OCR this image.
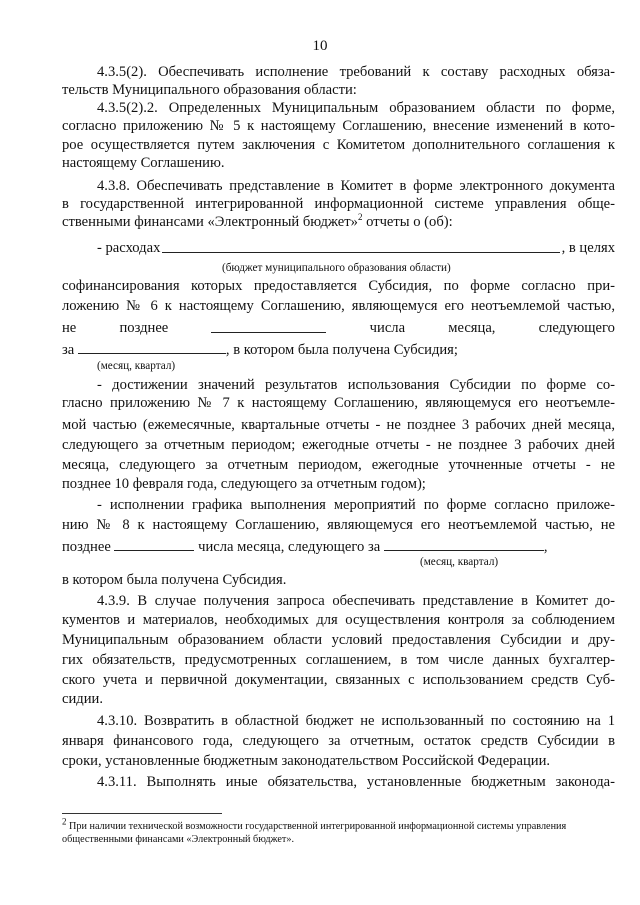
10
4.3.5(2). Обеспечивать исполнение требований к составу расходных обяза-
тельств Муниципального образования области:
4.3.5(2).2. Определенных Муниципальным образованием области по форме,
согласно приложению № 5 к настоящему Соглашению, внесение изменений в кото-
рое осуществляется путем заключения с Комитетом дополнительного соглашения к
настоящему Соглашению.
4.3.8. Обеспечивать представление в Комитет в форме электронного документа
в государственной интегрированной информационной системе управления обще-
ственными финансами «Электронный бюджет»$^2$ отчеты о (об):
- расходах	, в целях
(бюджет муниципального образования области)
софинансирования которых предоставляется Субсидия, по форме согласно при-
ложению № 6 к настоящему Соглашению, являющемуся его неотъемлемой частью,
не	позднее	числа	месяца,	следующего
за	, в котором была получена Субсидия;
(месяц, квартал)
- достижении значений результатов использования Субсидии по форме со-
гласно приложению № 7 к настоящему Соглашению, являющемуся его неотъемле-
мой частью (ежемесячные, квартальные отчеты - не позднее 3 рабочих дней месяца,
следующего за отчетным периодом; ежегодные отчеты - не позднее 3 рабочих дней
месяца, следующего за отчетным периодом, ежегодные уточненные отчеты - не
позднее 10 февраля года, следующего за отчетным годом);
- исполнении графика выполнения мероприятий по форме согласно приложе-
нию № 8 к настоящему Соглашению, являющемуся его неотъемлемой частью, не
позднее	числа месяца, следующего за	,
(месяц, квартал)
в котором была получена Субсидия.
4.3.9. В случае получения запроса обеспечивать представление в Комитет до-
кументов и материалов, необходимых для осуществления контроля за соблюдением
Муниципальным образованием области условий предоставления Субсидии и дру-
гих обязательств, предусмотренных соглашением, в том числе данных бухгалтер-
ского учета и первичной документации, связанных с использованием средств Суб-
сидии.
4.3.10. Возвратить в областной бюджет не использованный по состоянию на 1
января финансового года, следующего за отчетным, остаток средств Субсидии в
сроки, установленные бюджетным законодательством Российской Федерации.
4.3.11. Выполнять иные обязательства, установленные бюджетным законода-
$^2$ При наличии технической возможности государственной интегрированной информационной системы управления
общественными финансами «Электронный бюджет».
